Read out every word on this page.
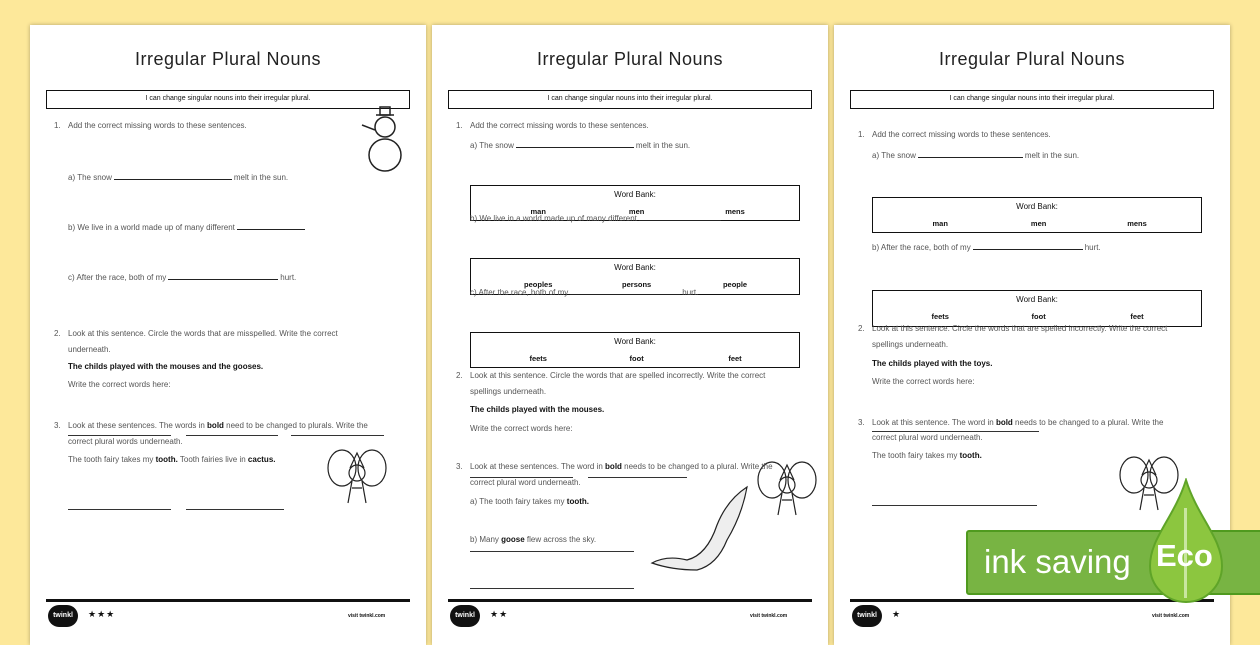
Irregular Plural Nouns
I can change singular nouns into their irregular plural.
1. Add the correct missing words to these sentences.
a) The snow	melt in the sun.
b) We live in a world made up of many different
c) After the race, both of my	hurt.
2. Look at this sentence. Circle the words that are misspelled. Write the correct
underneath.
The childs played with the mouses and the gooses.
Write the correct words here:
3. Look at these sentences. The words in bold need to be changed to plurals. Write the
correct plural words underneath.
The tooth fairy takes my tooth. Tooth fairies live in cactus.
twinkl	★★★	visit twinkl.com
Irregular Plural Nouns
I can change singular nouns into their irregular plural.
1. Add the correct missing words to these sentences.
a) The snow	melt in the sun.
Word Bank:
man	men	mens
b) We live in a world made up of many different
Word Bank:
peoples	persons	people
c) After the race, both of my	hurt.
Word Bank:
feets	foot	feet
2. Look at this sentence. Circle the words that are spelled incorrectly. Write the correct
spellings underneath.
The childs played with the mouses.
Write the correct words here:
3. Look at these sentences. The word in bold needs to be changed to a plural. Write the
correct plural word underneath.
a) The tooth fairy takes my tooth.
b) Many goose flew across the sky.
twinkl	★★	visit twinkl.com
Irregular Plural Nouns
I can change singular nouns into their irregular plural.
1. Add the correct missing words to these sentences.
a) The snow	melt in the sun.
Word Bank:
man	men	mens
b) After the race, both of my	hurt.
Word Bank:
feets	foot	feet
2. Look at this sentence. Circle the words that are spelled incorrectly. Write the correct
spellings underneath.
The childs played with the toys.
Write the correct words here:
3. Look at this sentence. The word in bold needs to be changed to a plural. Write the
correct plural word underneath.
The tooth fairy takes my tooth.
twinkl	★	visit twinkl.com
ink saving Eco
